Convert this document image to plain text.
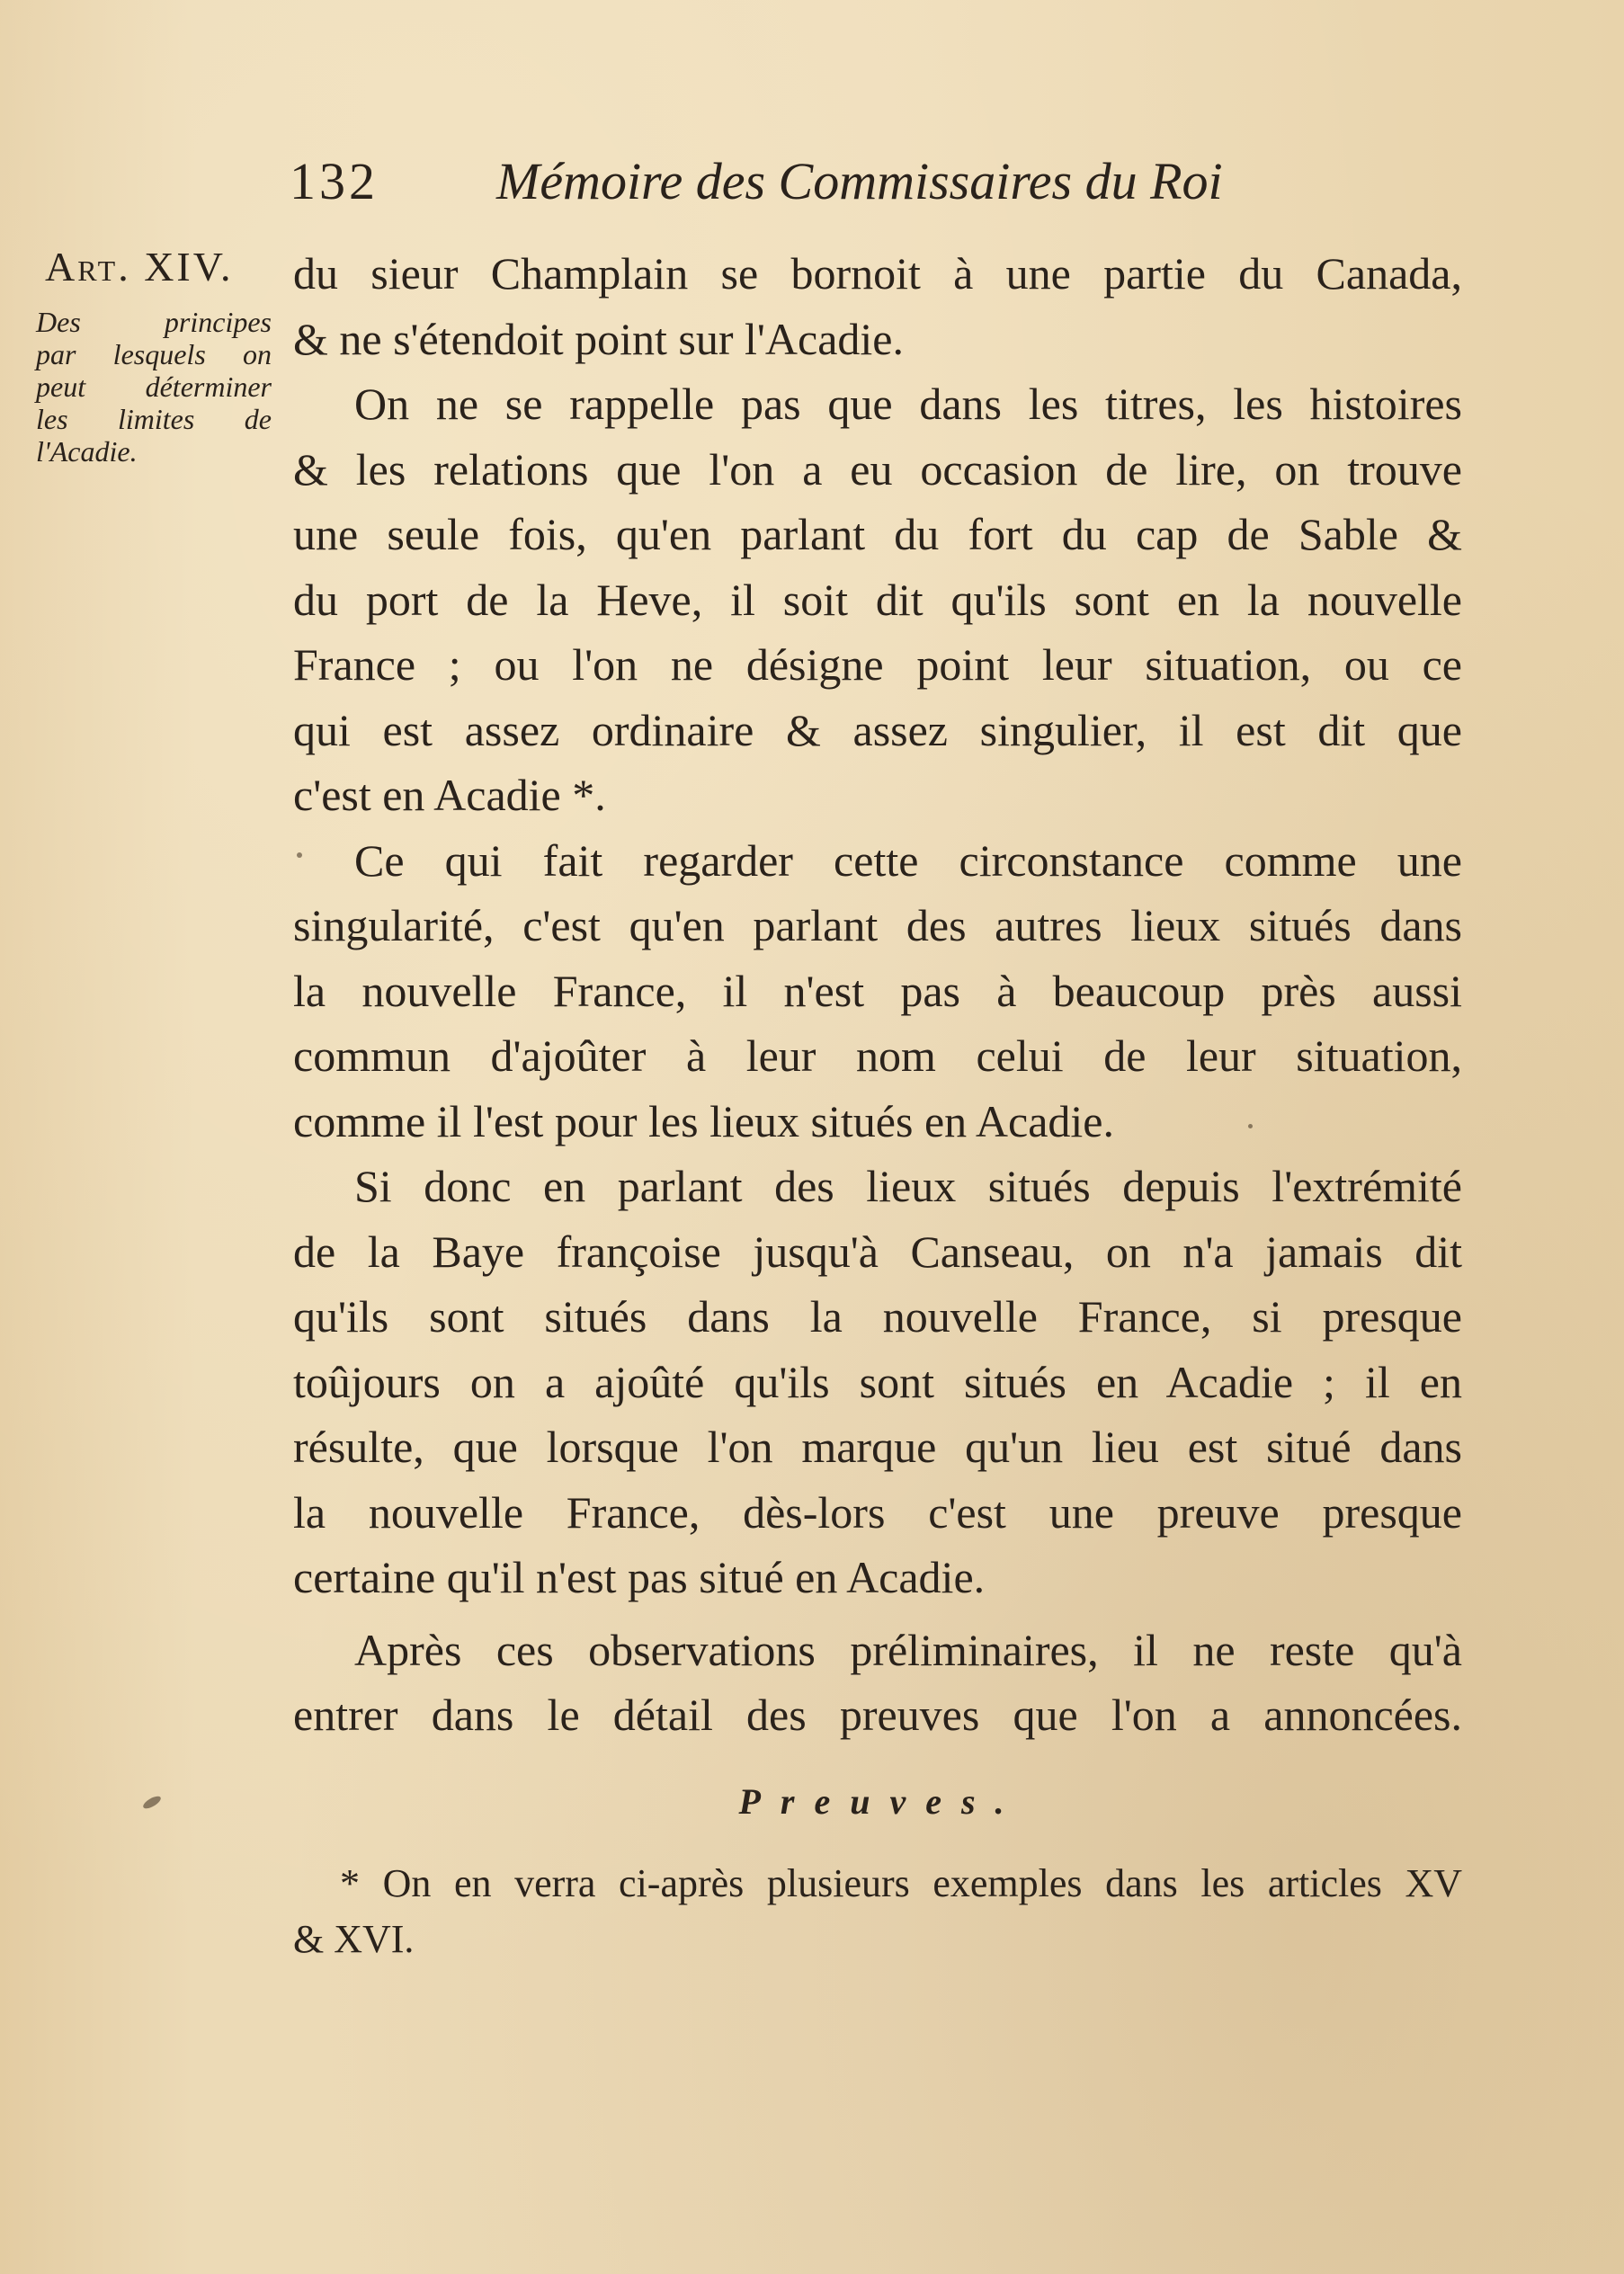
132 Mémoire des Commissaires du Roi
Art. XIV.
Des principes
par lesquels on
peut déterminer
les limites de
l'Acadie.
du sieur Champlain se bornoit à une partie du Canada,
& ne s'étendoit point sur l'Acadie.
On ne se rappelle pas que dans les titres, les histoires
& les relations que l'on a eu occasion de lire, on trouve
une seule fois, qu'en parlant du fort du cap de Sable &
du port de la Heve, il soit dit qu'ils sont en la nouvelle
France ; ou l'on ne désigne point leur situation, ou ce
qui est assez ordinaire & assez singulier, il est dit que
c'est en Acadie *.
Ce qui fait regarder cette circonstance comme une
singularité, c'est qu'en parlant des autres lieux situés dans
la nouvelle France, il n'est pas à beaucoup près aussi
commun d'ajoûter à leur nom celui de leur situation,
comme il l'est pour les lieux situés en Acadie.
Si donc en parlant des lieux situés depuis l'extrémité
de la Baye françoise jusqu'à Canseau, on n'a jamais dit
qu'ils sont situés dans la nouvelle France, si presque
toûjours on a ajoûté qu'ils sont situés en Acadie ; il en
résulte, que lorsque l'on marque qu'un lieu est situé dans
la nouvelle France, dès-lors c'est une preuve presque
certaine qu'il n'est pas situé en Acadie.
Après ces observations préliminaires, il ne reste qu'à
entrer dans le détail des preuves que l'on a annoncées.
Preuves.
* On en verra ci-après plusieurs exemples dans les articles XV
& XVI.
